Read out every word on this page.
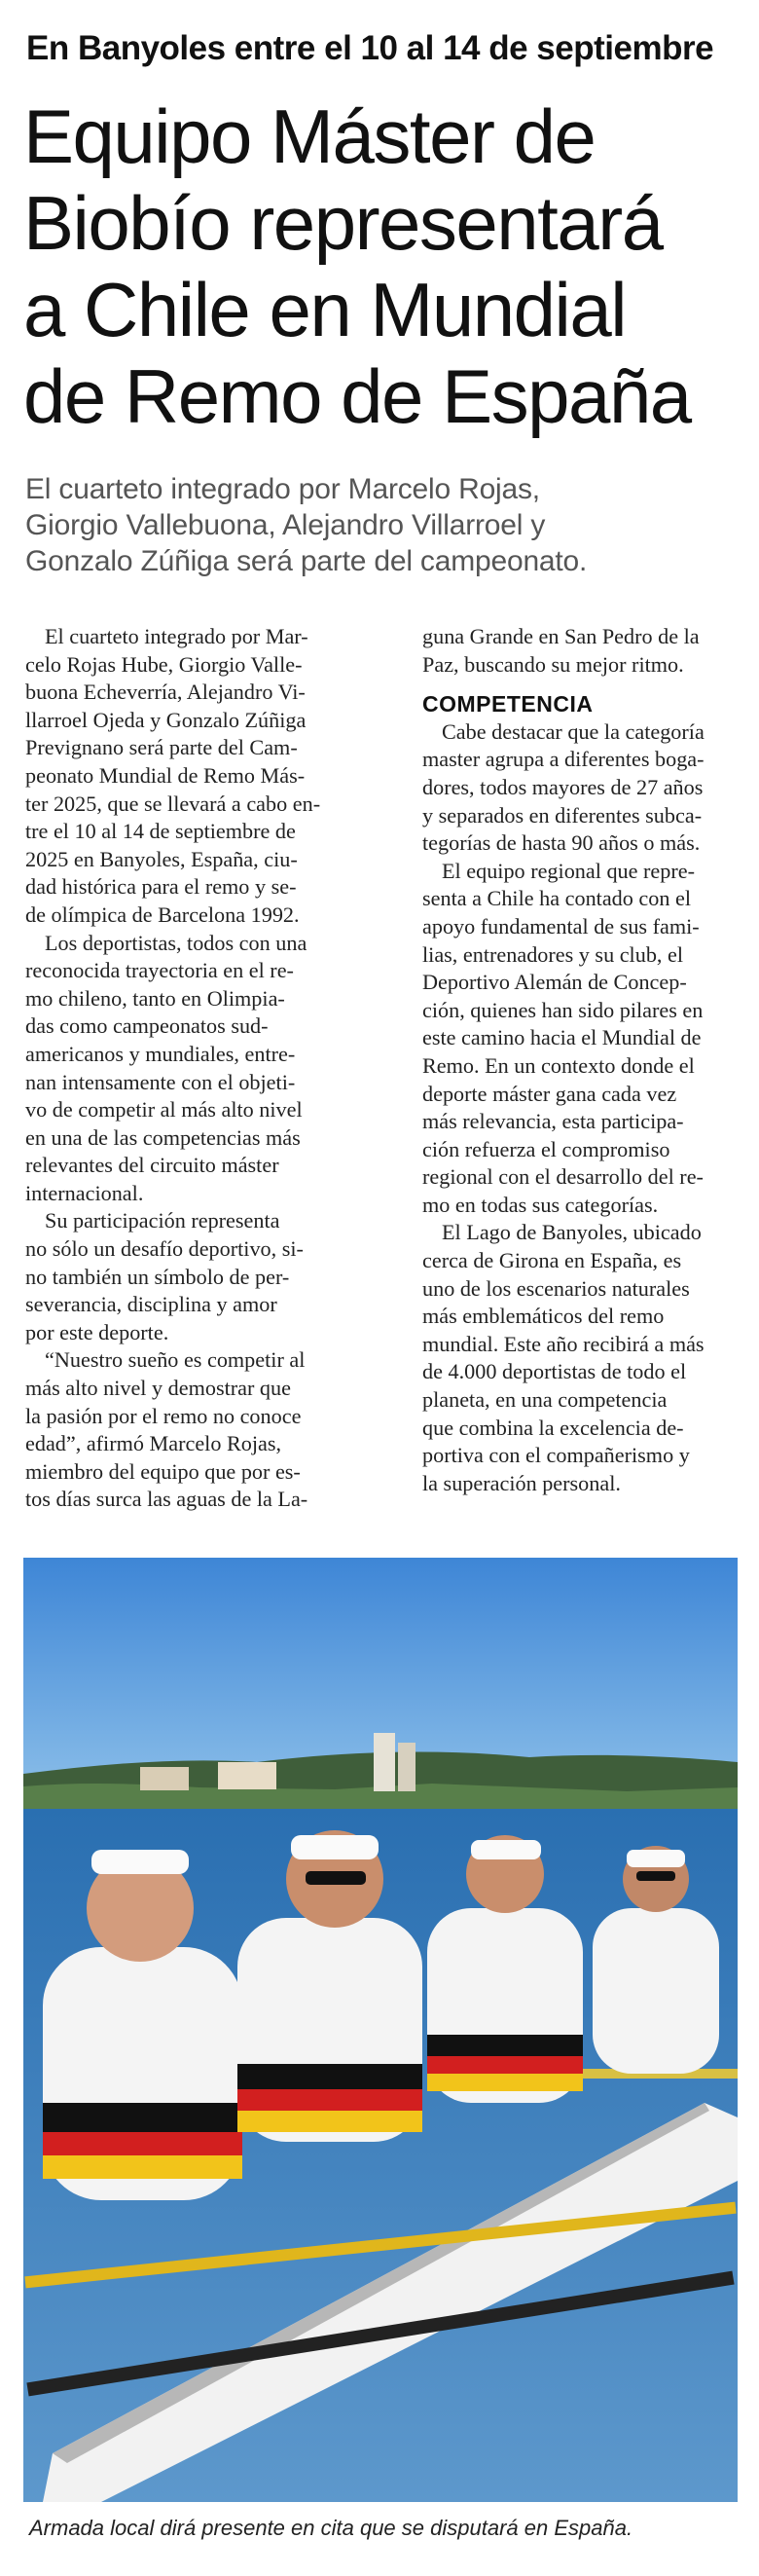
En Banyoles entre el 10 al 14 de septiembre
Equipo Máster de
Biobío representará
a Chile en Mundial
de Remo de España
El cuarteto integrado por Marcelo Rojas,
Giorgio Vallebuona, Alejandro Villarroel y
Gonzalo Zúñiga será parte del campeonato.
El cuarteto integrado por Mar-
celo Rojas Hube, Giorgio Valle-
buona Echeverría, Alejandro Vi-
llarroel Ojeda y Gonzalo Zúñiga
Prevignano será parte del Cam-
peonato Mundial de Remo Más-
ter 2025, que se llevará a cabo en-
tre el 10 al 14 de septiembre de
2025 en Banyoles, España, ciu-
dad histórica para el remo y se-
de olímpica de Barcelona 1992.
Los deportistas, todos con una
reconocida trayectoria en el re-
mo chileno, tanto en Olimpia-
das como campeonatos sud-
americanos y mundiales, entre-
nan intensamente con el objeti-
vo de competir al más alto nivel
en una de las competencias más
relevantes del circuito máster
internacional.
Su participación representa
no sólo un desafío deportivo, si-
no también un símbolo de per-
severancia, disciplina y amor
por este deporte.
“Nuestro sueño es competir al
más alto nivel y demostrar que
la pasión por el remo no conoce
edad”, afirmó Marcelo Rojas,
miembro del equipo que por es-
tos días surca las aguas de la La-
guna Grande en San Pedro de la
Paz, buscando su mejor ritmo.
COMPETENCIA
Cabe destacar que la categoría
master agrupa a diferentes boga-
dores, todos mayores de 27 años
y separados en diferentes subca-
tegorías de hasta 90 años o más.
El equipo regional que repre-
senta a Chile ha contado con el
apoyo fundamental de sus fami-
lias, entrenadores y su club, el
Deportivo Alemán de Concep-
ción, quienes han sido pilares en
este camino hacia el Mundial de
Remo. En un contexto donde el
deporte máster gana cada vez
más relevancia, esta participa-
ción refuerza el compromiso
regional con el desarrollo del re-
mo en todas sus categorías.
El Lago de Banyoles, ubicado
cerca de Girona en España, es
uno de los escenarios naturales
más emblemáticos del remo
mundial. Este año recibirá a más
de 4.000 deportistas de todo el
planeta, en una competencia
que combina la excelencia de-
portiva con el compañerismo y
la superación personal.
Armada local dirá presente en cita que se disputará en España.
